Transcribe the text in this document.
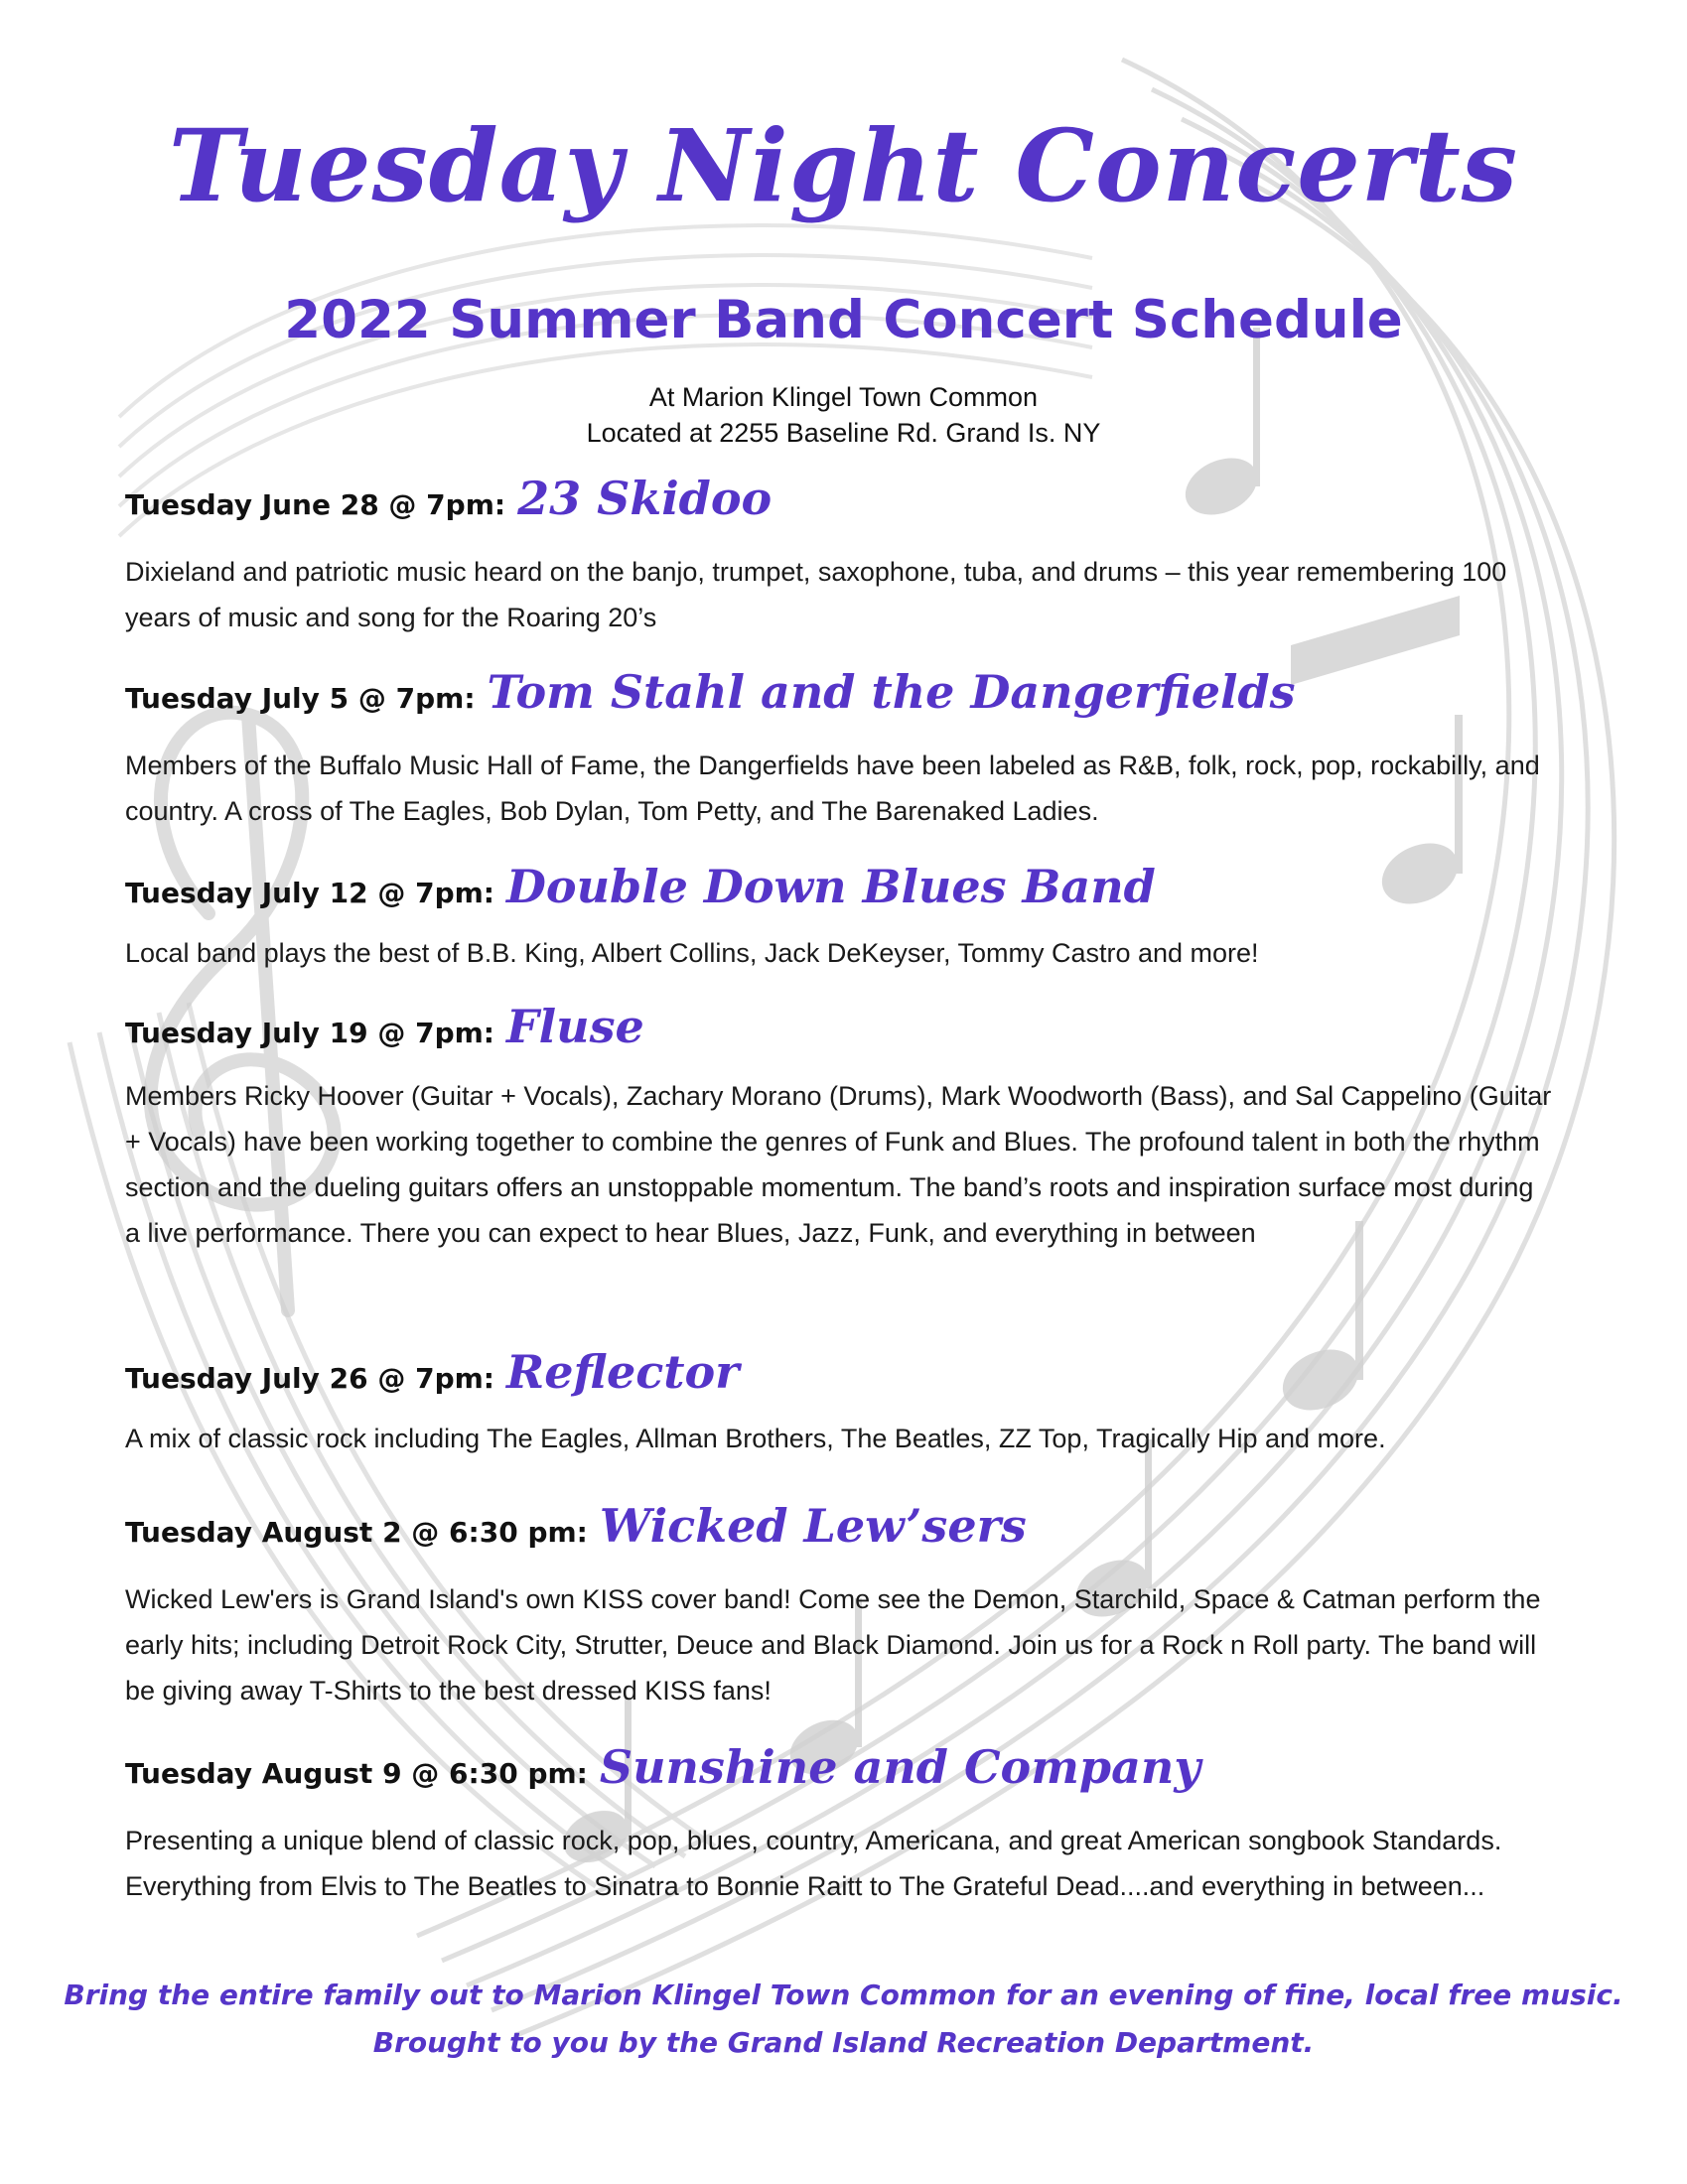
Tuesday Night Concerts
2022 Summer Band Concert Schedule
At Marion Klingel Town Common
Located at 2255 Baseline Rd. Grand Is. NY
Tuesday June 28 @ 7pm: 23 Skidoo

Dixieland and patriotic music heard on the banjo, trumpet, saxophone, tuba, and drums – this year remembering 100 years of music and song for the Roaring 20’s

Tuesday July 5 @ 7pm: Tom Stahl and the Dangerfields

Members of the Buffalo Music Hall of Fame, the Dangerfields have been labeled as R&B, folk, rock, pop, rockabilly, and country. A cross of The Eagles, Bob Dylan, Tom Petty, and The Barenaked Ladies.

Tuesday July 12 @ 7pm: Double Down Blues Band

Local band plays the best of B.B. King, Albert Collins, Jack DeKeyser, Tommy Castro and more!

Tuesday July 19 @ 7pm: Fluse

Members Ricky Hoover (Guitar + Vocals), Zachary Morano (Drums), Mark Woodworth (Bass), and Sal Cappelino (Guitar + Vocals) have been working together to combine the genres of Funk and Blues. The profound talent in both the rhythm section and the dueling guitars offers an unstoppable momentum. The band’s roots and inspiration surface most during a live performance. There you can expect to hear Blues, Jazz, Funk, and everything in between

Tuesday July 26 @ 7pm: Reflector

A mix of classic rock including The Eagles, Allman Brothers, The Beatles, ZZ Top, Tragically Hip and more.

Tuesday August 2 @ 6:30 pm: Wicked Lew’sers

Wicked Lew'ers is Grand Island's own KISS cover band! Come see the Demon, Starchild, Space & Catman perform the early hits; including Detroit Rock City, Strutter, Deuce and Black Diamond. Join us for a Rock n Roll party. The band will be giving away T-Shirts to the best dressed KISS fans!

Tuesday August 9 @ 6:30 pm: Sunshine and Company

Presenting a unique blend of classic rock, pop, blues, country, Americana, and great American songbook Standards. Everything from Elvis to The Beatles to Sinatra to Bonnie Raitt to The Grateful Dead....and everything in between...

Bring the entire family out to Marion Klingel Town Common for an evening of fine, local free music.
Brought to you by the Grand Island Recreation Department.
